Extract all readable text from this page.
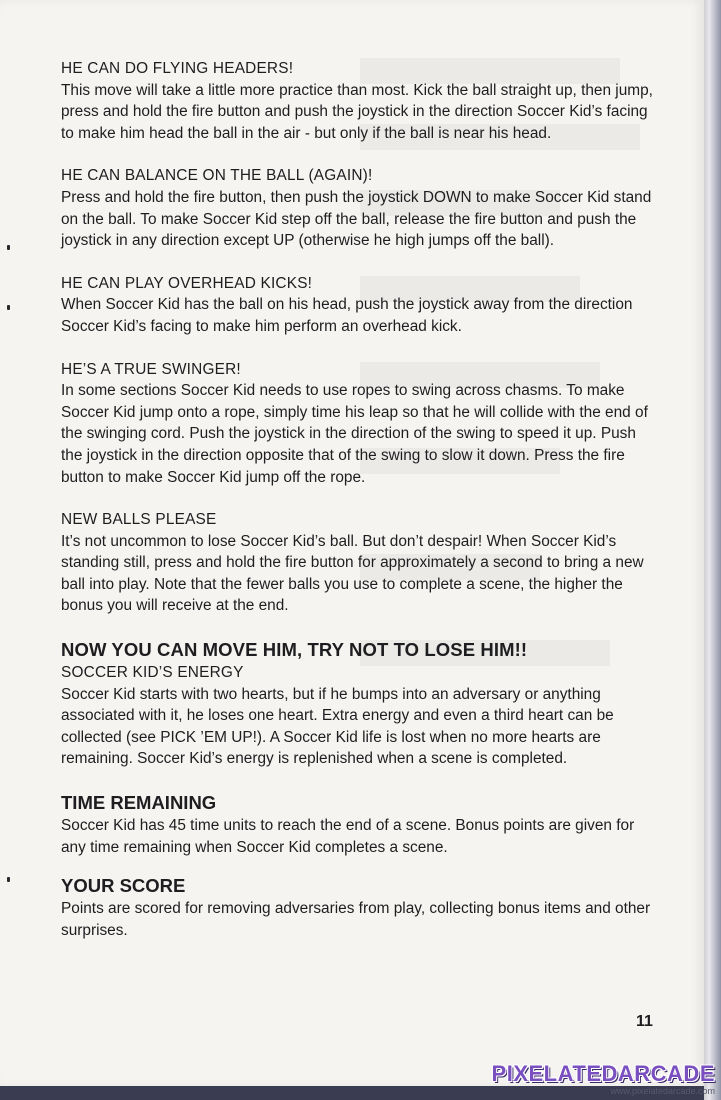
HE CAN DO FLYING HEADERS!

This move will take a little more practice than most. Kick the ball straight up, then jump, press and hold the fire button and push the joystick in the direction Soccer Kid’s facing to make him head the ball in the air - but only if the ball is near his head.

HE CAN BALANCE ON THE BALL (AGAIN)!

Press and hold the fire button, then push the joystick DOWN to make Soccer Kid stand on the ball. To make Soccer Kid step off the ball, release the fire button and push the joystick in any direction except UP (otherwise he high jumps off the ball).

HE CAN PLAY OVERHEAD KICKS!

When Soccer Kid has the ball on his head, push the joystick away from the direction Soccer Kid’s facing to make him perform an overhead kick.

HE’S A TRUE SWINGER!

In some sections Soccer Kid needs to use ropes to swing across chasms. To make Soccer Kid jump onto a rope, simply time his leap so that he will collide with the end of the swinging cord. Push the joystick in the direction of the swing to speed it up. Push the joystick in the direction opposite that of the swing to slow it down. Press the fire button to make Soccer Kid jump off the rope.

NEW BALLS PLEASE

It’s not uncommon to lose Soccer Kid’s ball. But don’t despair! When Soccer Kid’s standing still, press and hold the fire button for approximately a second to bring a new ball into play. Note that the fewer balls you use to complete a scene, the higher the bonus you will receive at the end.

NOW YOU CAN MOVE HIM, TRY NOT TO LOSE HIM!!

SOCCER KID’S ENERGY

Soccer Kid starts with two hearts, but if he bumps into an adversary or anything associated with it, he loses one heart. Extra energy and even a third heart can be collected (see PICK ’EM UP!). A Soccer Kid life is lost when no more hearts are remaining. Soccer Kid’s energy is replenished when a scene is completed.

TIME REMAINING

Soccer Kid has 45 time units to reach the end of a scene. Bonus points are given for any time remaining when Soccer Kid completes a scene.

YOUR SCORE

Points are scored for removing adversaries from play, collecting bonus items and other surprises.

11
PIXELATEDARCADE
www.pixelatedarcade.com
